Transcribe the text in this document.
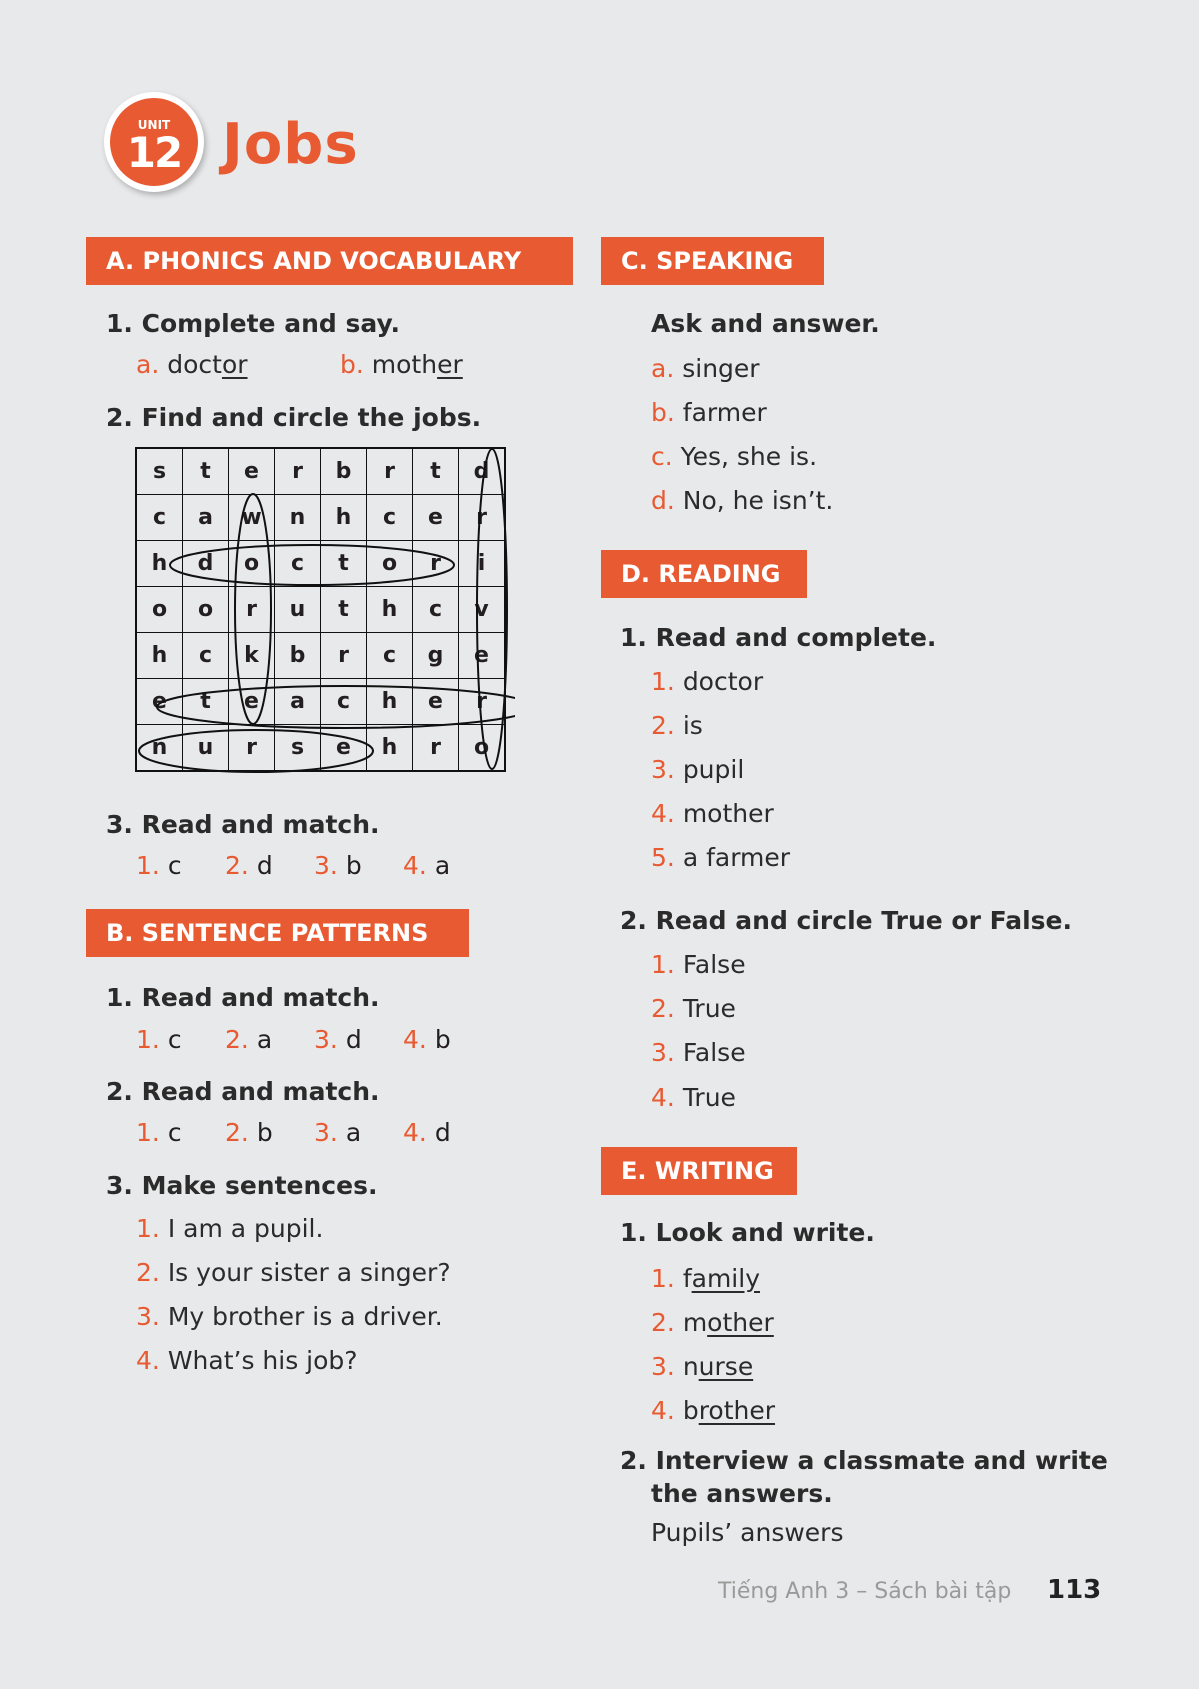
UNIT
12 Jobs
A. PHONICS AND VOCABULARY
1. Complete and say.
a. doctor	b. mother
2. Find and circle the jobs.
s	t	e	r	b	r	t	d
c	a	w	n	h	c	e	r
h	d	o	c	t	o	r	i
o	o	r	u	t	h	c	v
h	c	k	b	r	c	g	e
e	t	e	a	c	h	e	r
n	u	r	s	e	h	r	o
3. Read and match.
1. c 2. d 3. b 4. a
B. SENTENCE PATTERNS
1. Read and match.
1. c 2. a 3. d 4. b
2. Read and match.
1. c 2. b 3. a 4. d
3. Make sentences.
1. I am a pupil.
2. Is your sister a singer?
3. My brother is a driver.
4. What’s his job?
C. SPEAKING
Ask and answer.
a. singer
b. farmer
c. Yes, she is.
d. No, he isn’t.
D. READING
1. Read and complete.
1. doctor
2. is
3. pupil
4. mother
5. a farmer
2. Read and circle True or False.
1. False
2. True
3. False
4. True
E. WRITING
1. Look and write.
1. family
2. mother
3. nurse
4. brother
2. Interview a classmate and write
the answers.
Pupils’ answers
Tiếng Anh 3 – Sách bài tập 113
